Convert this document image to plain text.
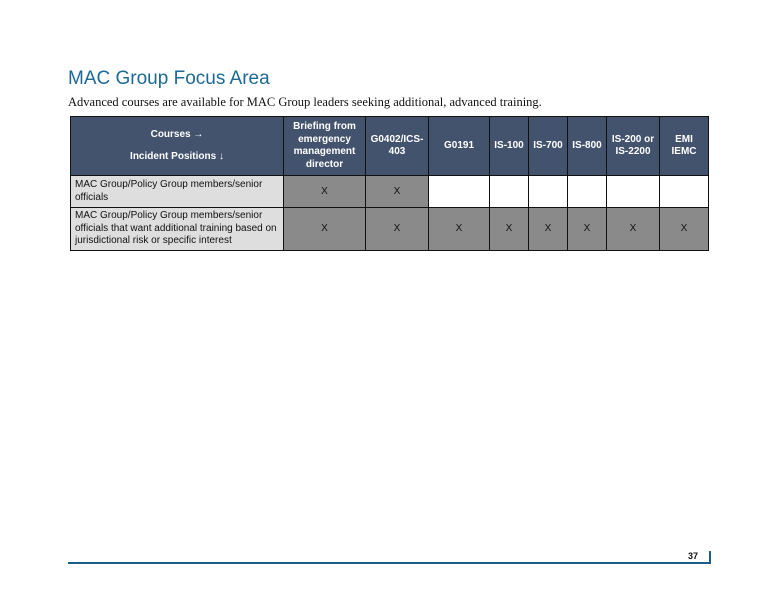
MAC Group Focus Area

Advanced courses are available for MAC Group leaders seeking additional, advanced training.

Courses →
Incident Positions ↓	Briefing from emergency management director	G0402/ICS-403	G0191	IS-100	IS-700	IS-800	IS-200 or IS-2200	EMI IEMC
MAC Group/Policy Group members/senior officials	X	X						
MAC Group/Policy Group members/senior officials that want additional training based on jurisdictional risk or specific interest	X	X	X	X	X	X	X	X
37
